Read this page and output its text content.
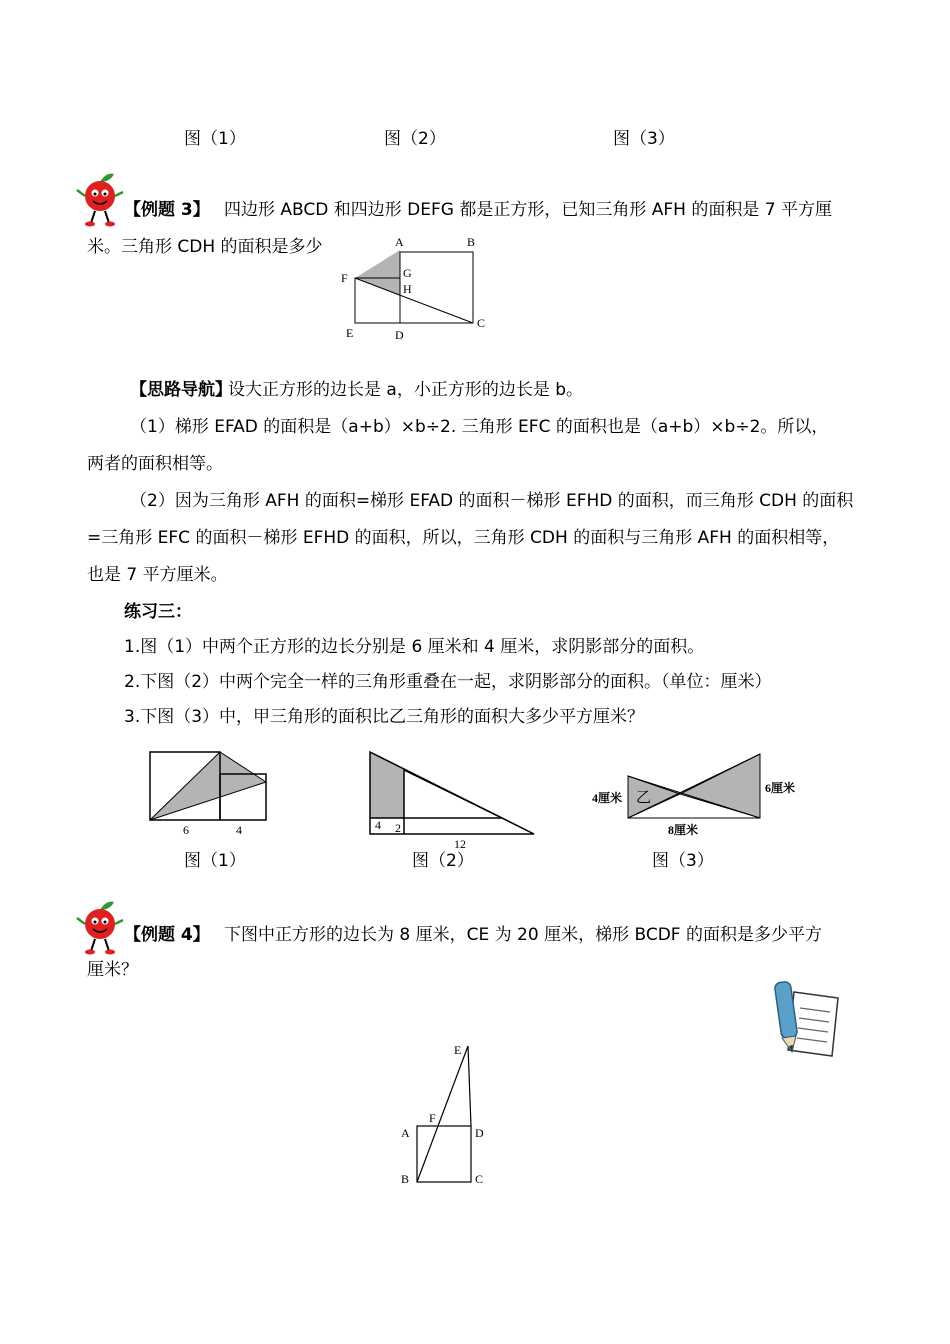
图（1）	图（2）	图（3）
【例题 3】 四边形 ABCD 和四边形 DEFG 都是正方形，已知三角形 AFH 的面积是 7 平方厘
米。三角形 CDH 的面积是多少	A	B
F	G
H
C
E	D
【思路导航】
设大正方形的边长是 a，小正方形的边长是 b。
（1）梯形 EFAD 的面积是（a+b）×b÷2. 三角形 EFC 的面积也是（a+b）×b÷2。所以，
两者的面积相等。
（2）因为三角形 AFH 的面积=梯形 EFAD 的面积－梯形 EFHD 的面积，而三角形 CDH 的面积
=三角形 EFC 的面积－梯形 EFHD 的面积，所以，三角形 CDH 的面积与三角形 AFH 的面积相等，
也是 7 平方厘米。
练习三：
1.图（1）中两个正方形的边长分别是 6 厘米和 4 厘米，求阴影部分的面积。
2.下图（2）中两个完全一样的三角形重叠在一起，求阴影部分的面积。（单位：厘米）
3.下图（3）中，甲三角形的面积比乙三角形的面积大多少平方厘米？
6	4
图（1）
4 2
12
图（2）
乙
4厘米
6厘米
8厘米
图（3）
【例题 4】 下图中正方形的边长为 8 厘米，CE 为 20 厘米，梯形 BCDF 的面积是多少平方
厘米？
E
F
A	D
B	C
